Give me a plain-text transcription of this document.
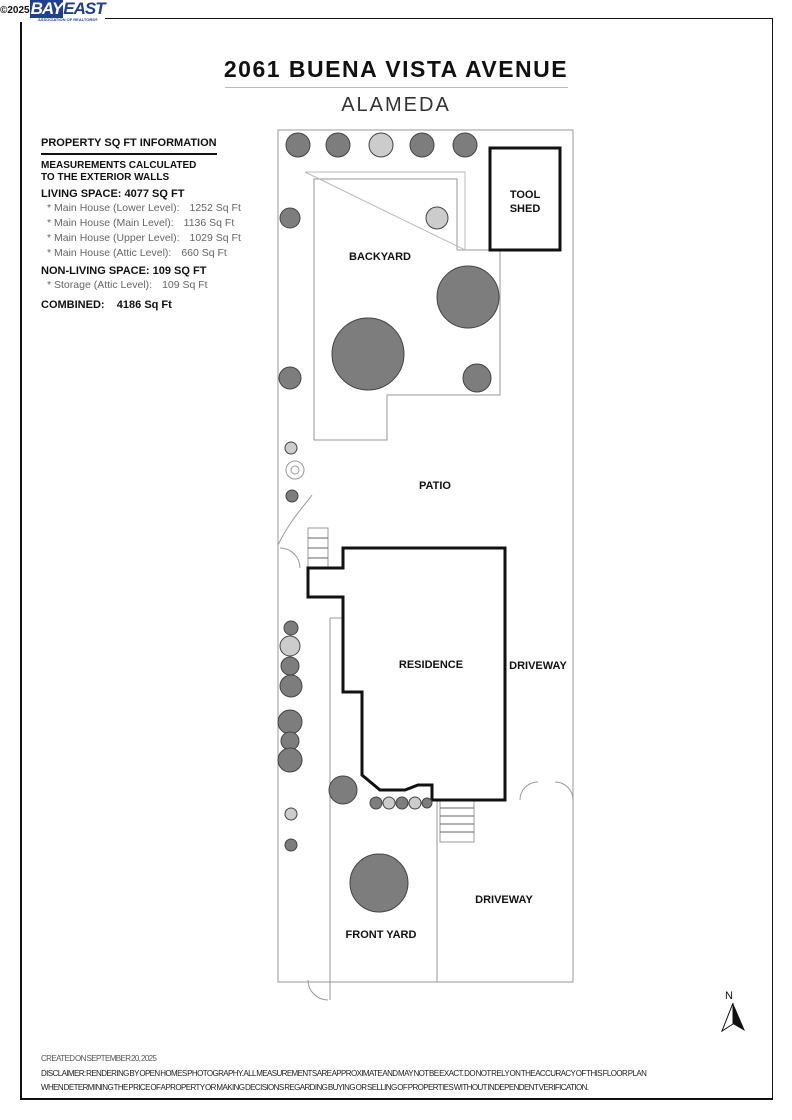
©2025 BAYEAST
ASSOCIATION OF REALTORS®
2061 BUENA VISTA AVENUE
ALAMEDA
PROPERTY SQ FT INFORMATION
MEASUREMENTS CALCULATED
TO THE EXTERIOR WALLS
LIVING SPACE: 4077 SQ FT
* Main House (Lower Level): 1252 Sq Ft
* Main House (Main Level): 1136 Sq Ft
* Main House (Upper Level): 1029 Sq Ft
* Main House (Attic Level): 660 Sq Ft
NON-LIVING SPACE: 109 SQ FT
* Storage (Attic Level): 109 Sq Ft
COMBINED: 4186 Sq Ft
TOOL
SHED
BACKYARD
PATIO
RESIDENCE	DRIVEWAY
DRIVEWAY
FRONT YARD
N
CREATED ON SEPTEMBER 20, 2025
DISCLAIMER: RENDERING BY OPEN HOMES PHOTOGRAPHY. ALL MEASUREMENTS ARE APPROXIMATE AND MAY NOT BE EXACT. DO NOT RELY ON THE ACCURACY OF THIS FLOOR PLAN
WHEN DETERMINING THE PRICE OF A PROPERTY OR MAKING DECISIONS REGARDING BUYING OR SELLING OF PROPERTIES WITHOUT INDEPENDENT VERIFICATION.
